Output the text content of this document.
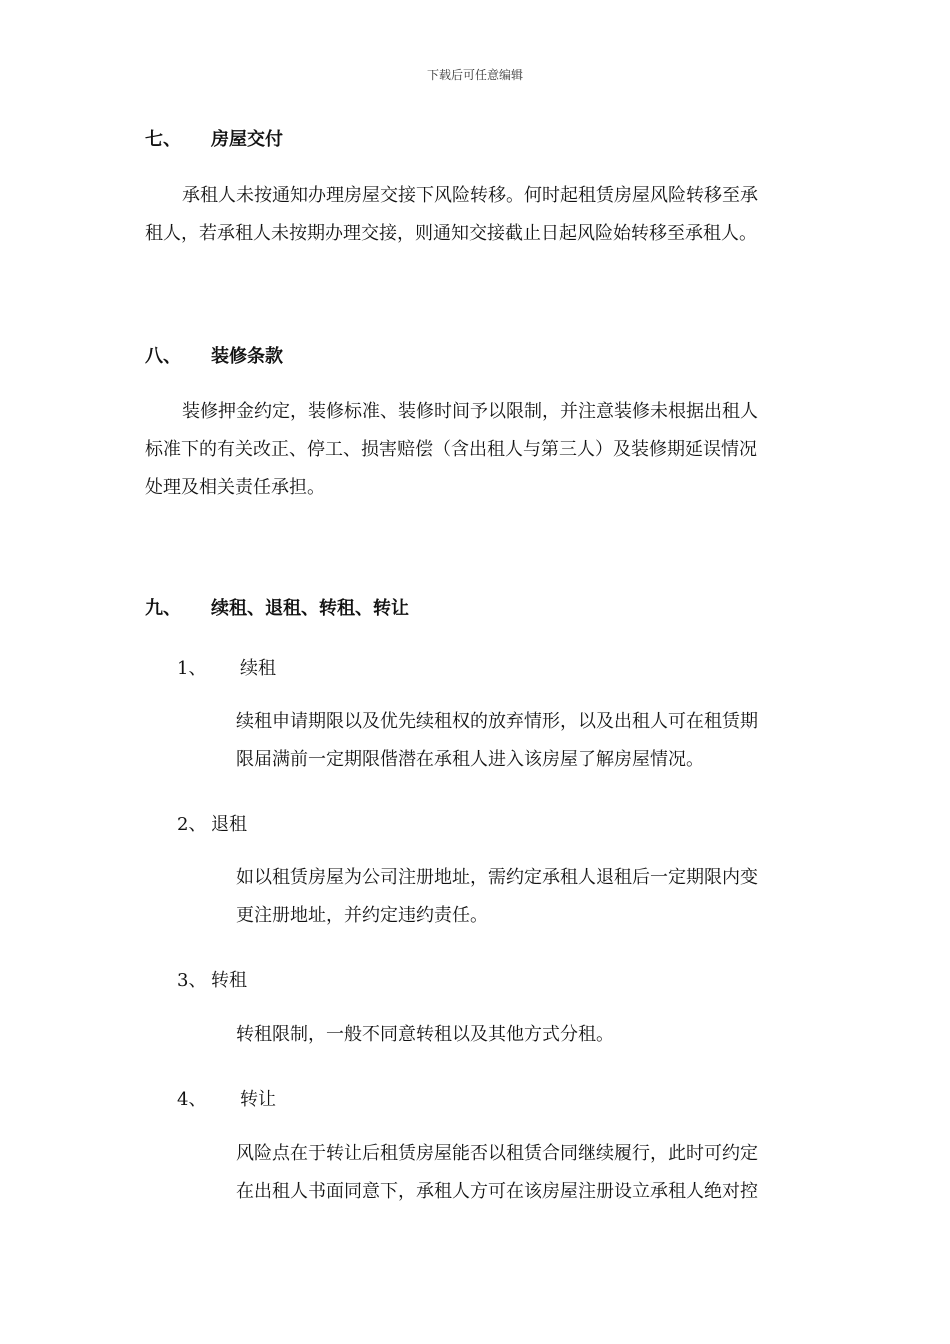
下载后可任意编辑
七、 房屋交付
承租人未按通知办理房屋交接下风险转移。何时起租赁房屋风险转移至承
租人，若承租人未按期办理交接，则通知交接截止日起风险始转移至承租人。
八、 装修条款
装修押金约定，装修标准、装修时间予以限制，并注意装修未根据出租人
标准下的有关改正、停工、损害赔偿（含出租人与第三人）及装修期延误情况
处理及相关责任承担。
九、 续租、退租、转租、转让
1、 续租
续租申请期限以及优先续租权的放弃情形，以及出租人可在租赁期
限届满前一定期限偕潜在承租人进入该房屋了解房屋情况。
2、 退租
如以租赁房屋为公司注册地址，需约定承租人退租后一定期限内变
更注册地址，并约定违约责任。
3、 转租
转租限制，一般不同意转租以及其他方式分租。
4、 转让
风险点在于转让后租赁房屋能否以租赁合同继续履行，此时可约定
在出租人书面同意下，承租人方可在该房屋注册设立承租人绝对控
